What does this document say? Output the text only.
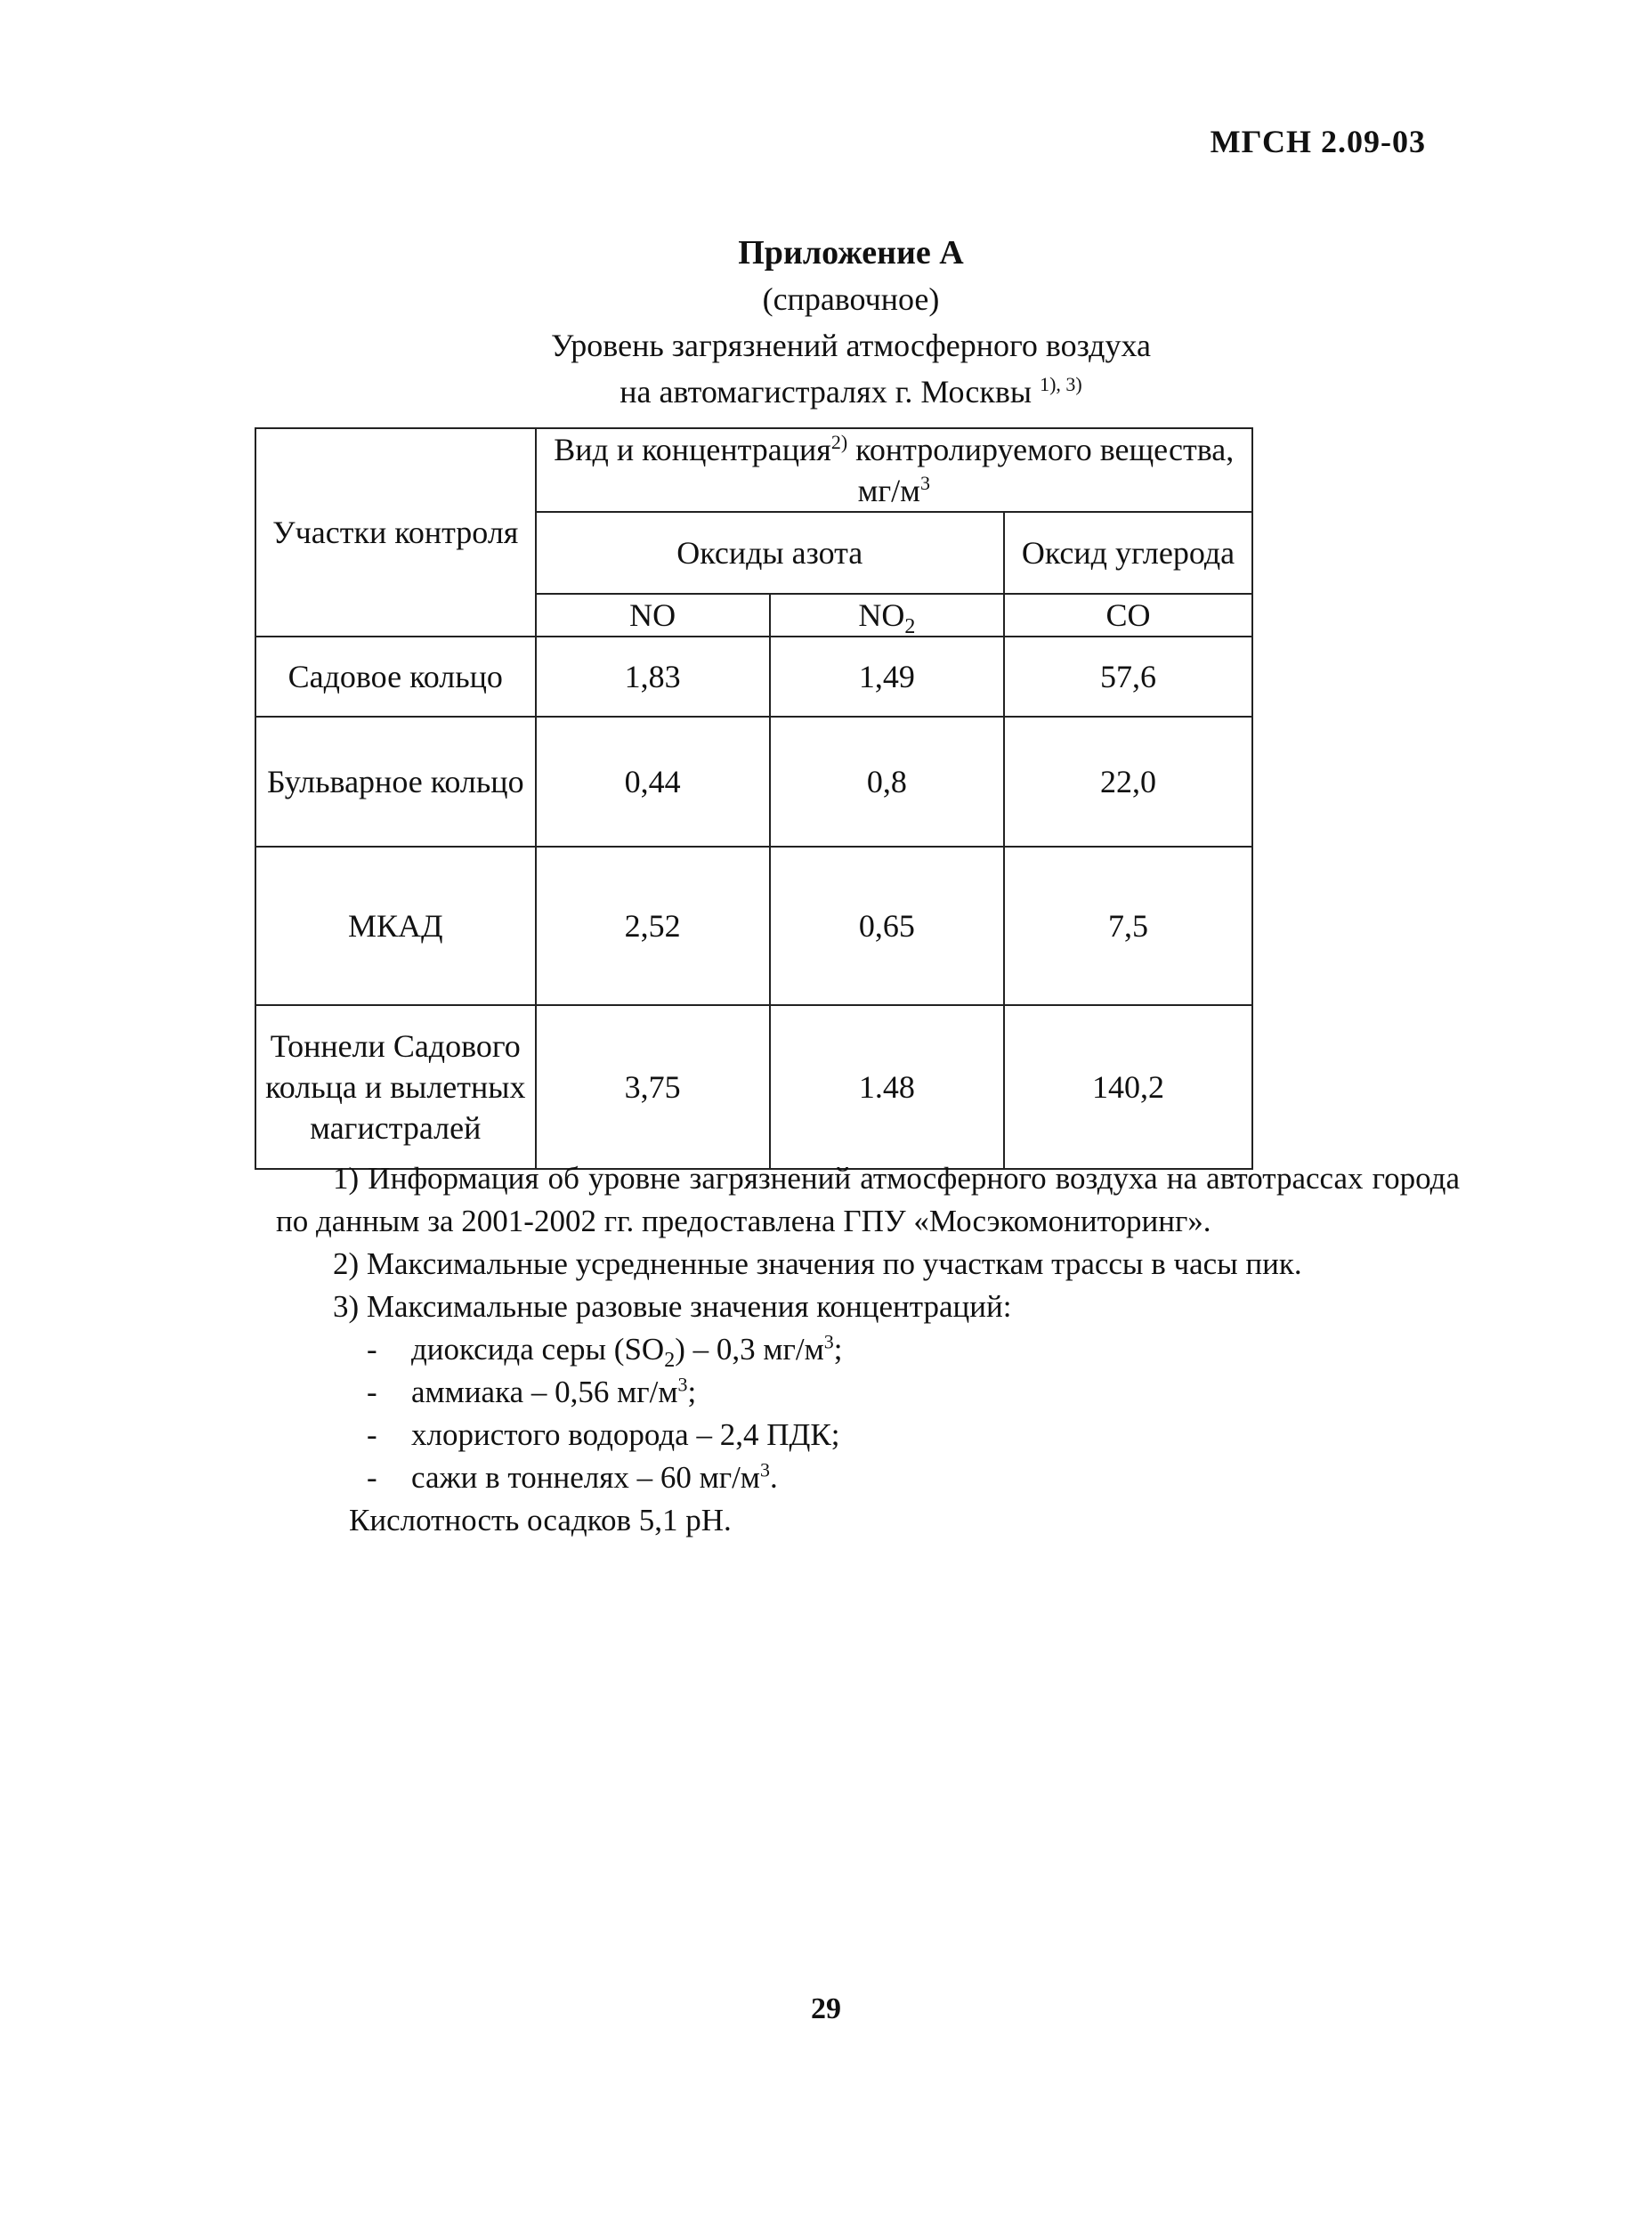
МГСН 2.09-03
Приложение А
(справочное)
Уровень загрязнений атмосферного воздуха
на автомагистралях г. Москвы $^{1), 3)}$
Участки контроля	Вид и концентрация$^{2)}$ контролируемого вещества, $мг/м^3$
	Оксиды азота		Оксид углерода
	NO	$NO_2$	CO
Садовое кольцо	1,83	1,49	57,6
Бульварное кольцо	0,44	0,8	22,0
МКАД	2,52	0,65	7,5
Тоннели Садового кольца и вылетных магистралей	3,75	1.48	140,2
1) Информация об уровне загрязнений атмосферного воздуха на автотрассах города по данным за 2001-2002 гг. предоставлена ГПУ «Мосэкомониторинг».
2) Максимальные усредненные значения по участкам трассы в часы пик.
3) Максимальные разовые значения концентраций:
- диоксида серы $(SO_2) - 0,3$ $мг/м^3$;
- аммиака – 0,56 $мг/м^3$;
- хлористого водорода – 2,4 ПДК;
- сажи в тоннелях – 60 $мг/м^3$.
Кислотность осадков 5,1 pH.
29
